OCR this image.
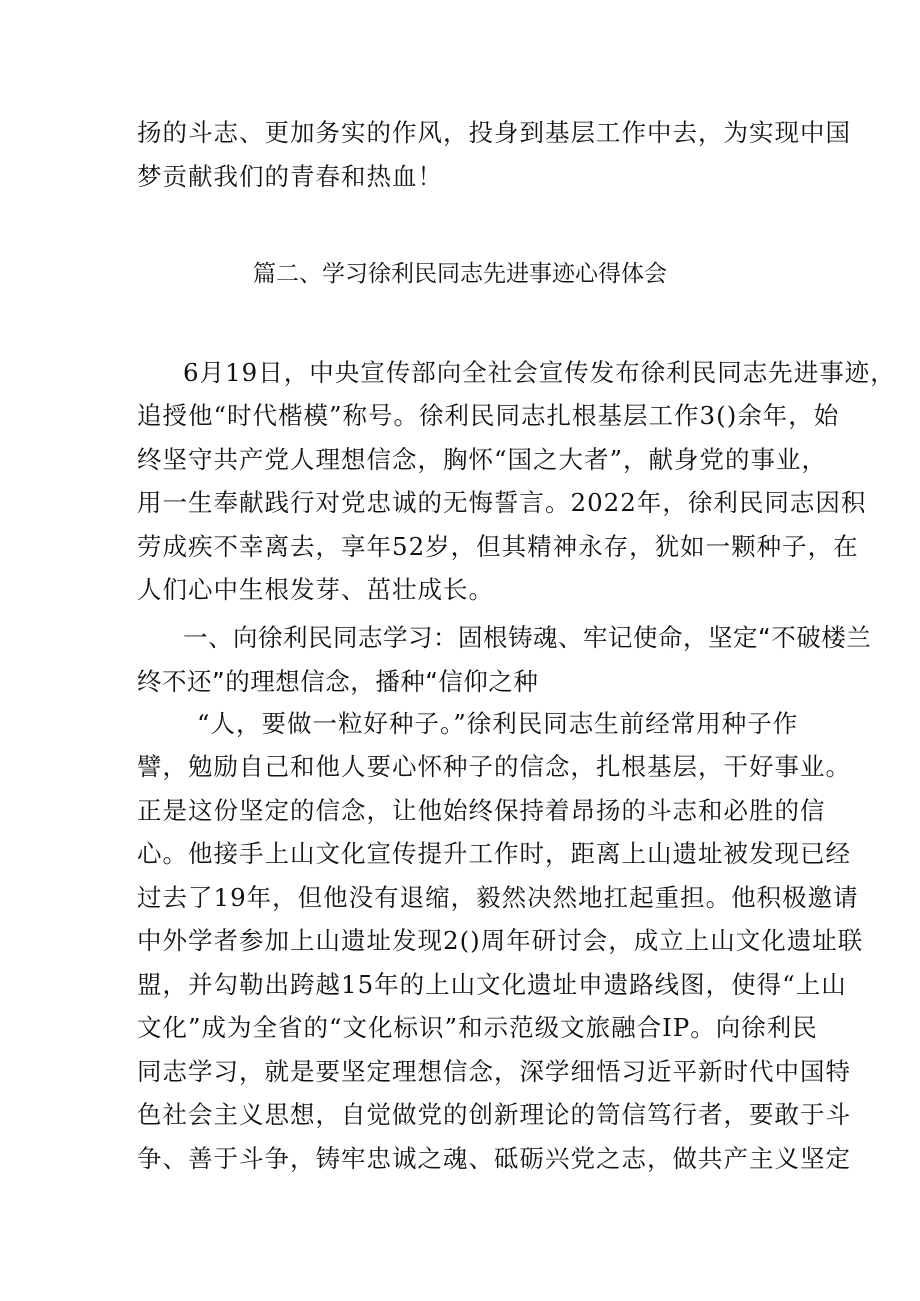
扬的斗志、更加务实的作风，投身到基层工作中去，为实现中国
梦贡献我们的青春和热血！
篇二、学习徐利民同志先进事迹心得体会
6月19日，中央宣传部向全社会宣传发布徐利民同志先进事迹，
追授他“时代楷模”称号。徐利民同志扎根基层工作3()余年，始
终坚守共产党人理想信念，胸怀“国之大者”，献身党的事业，
用一生奉献践行对党忠诚的无悔誓言。2022年，徐利民同志因积
劳成疾不幸离去，享年52岁，但其精神永存，犹如一颗种子，在
人们心中生根发芽、茁壮成长。
一、向徐利民同志学习：固根铸魂、牢记使命，坚定“不破楼兰
终不还”的理想信念，播种“信仰之种
“人，要做一粒好种子。”徐利民同志生前经常用种子作
譬，勉励自己和他人要心怀种子的信念，扎根基层，干好事业。
正是这份坚定的信念，让他始终保持着昂扬的斗志和必胜的信
心。他接手上山文化宣传提升工作时，距离上山遗址被发现已经
过去了19年，但他没有退缩，毅然决然地扛起重担。他积极邀请
中外学者参加上山遗址发现2()周年研讨会，成立上山文化遗址联
盟，并勾勒出跨越15年的上山文化遗址申遗路线图，使得“上山
文化”成为全省的“文化标识”和示范级文旅融合IP。向徐利民
同志学习，就是要坚定理想信念，深学细悟习近平新时代中国特
色社会主义思想，自觉做党的创新理论的笥信笃行者，要敢于斗
争、善于斗争，铸牢忠诚之魂、砥砺兴党之志，做共产主义坚定
